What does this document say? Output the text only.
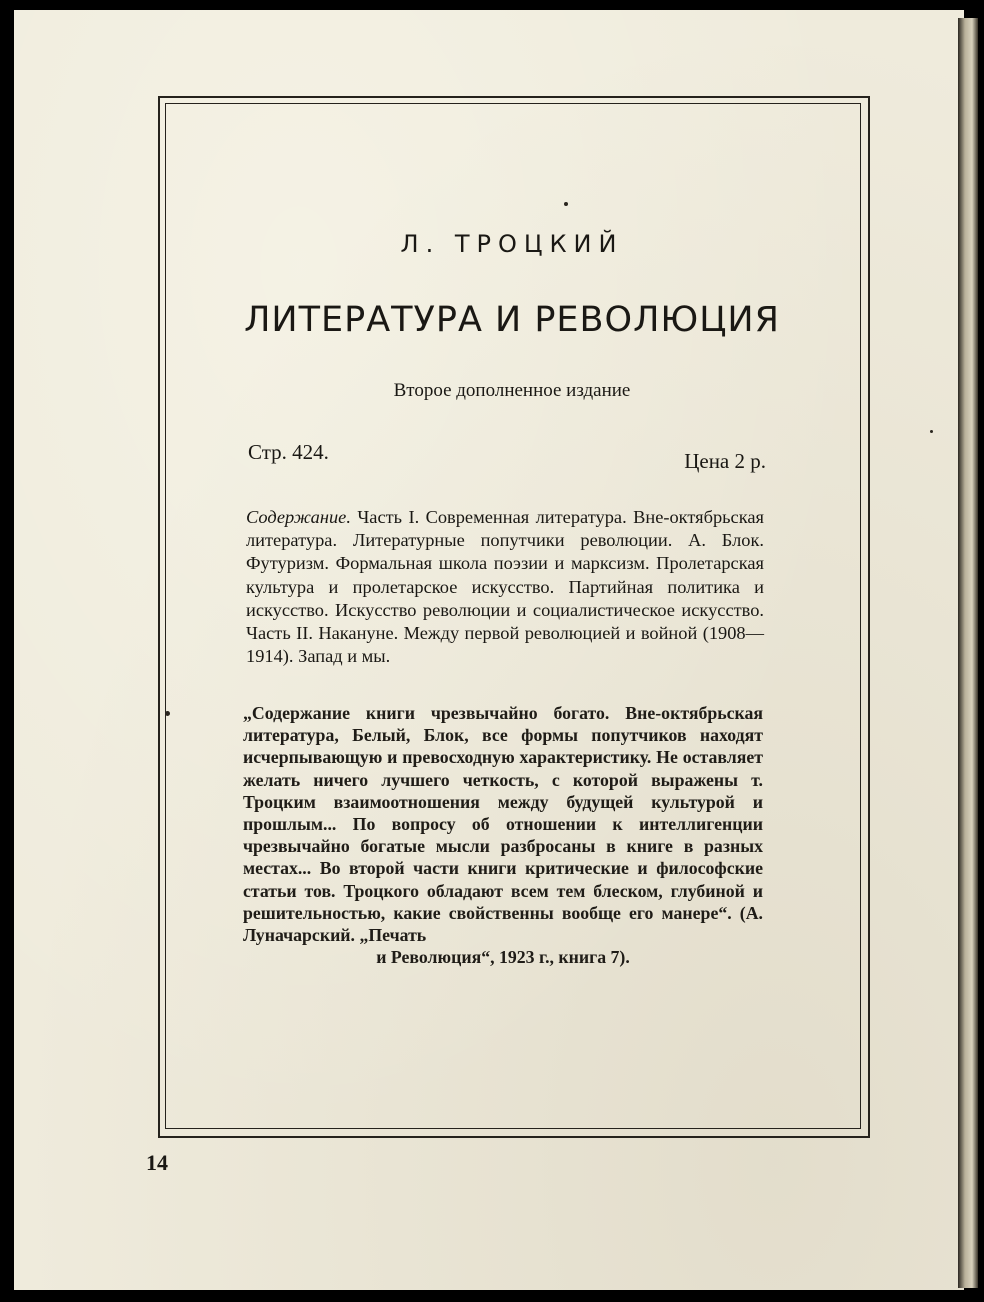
Л. ТРОЦКИЙ
ЛИТЕРАТУРА И РЕВОЛЮЦИЯ
Второе дополненное издание
Стр. 424.	Цена 2 р.

Содержание. Часть I. Современная литература. Вне-октябрьская литература. Литературные попутчики революции. А. Блок. Футуризм. Формальная школа поэзии и марксизм. Пролетарская культура и пролетарское искусство. Партийная политика и искусство. Искусство революции и социалистическое искусство. Часть II. Накануне. Между первой революцией и войной (1908—1914). Запад и мы.

„Содержание книги чрезвычайно богато. Вне-октябрьская литература, Белый, Блок, все формы попутчиков находят исчерпывающую и превосходную характеристику. Не оставляет желать ничего лучшего четкость, с которой выражены т. Троцким взаимоотношения между будущей культурой и прошлым... По вопросу об отношении к интеллигенции чрезвычайно богатые мысли разбросаны в книге в разных местах... Во второй части книги критические и философские статьи тов. Троцкого обладают всем тем блеском, глубиной и решительностью, какие свойственны вообще его манере“. (А. Луначарский. „Печать
и Революция“, 1923 г., книга 7).

14
